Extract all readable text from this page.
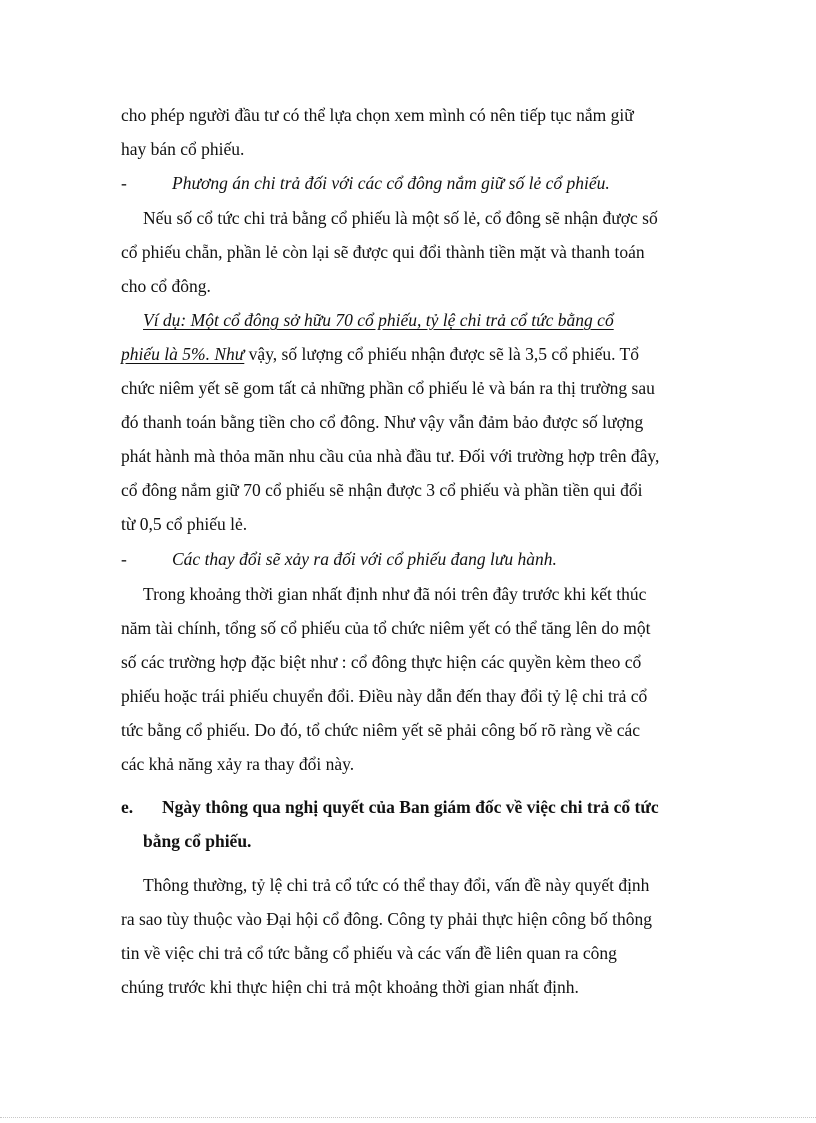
cho phép người đầu tư có thể lựa chọn xem mình có nên tiếp tục nắm giữ
hay bán cổ phiếu.
-	Phương án chi trả đối với các cổ đông nắm giữ số lẻ cổ phiếu.
Nếu số cổ tức chi trả bằng cổ phiếu là một số lẻ, cổ đông sẽ nhận được số
cổ phiếu chẵn, phần lẻ còn lại sẽ được qui đổi thành tiền mặt và thanh toán
cho cổ đông.
Ví dụ: Một cổ đông sở hữu 70 cổ phiếu, tỷ lệ chi trả cổ tức bằng cổ
phiếu là 5%. Như vậy, số lượng cổ phiếu nhận được sẽ là 3,5 cổ phiếu. Tổ
chức niêm yết sẽ gom tất cả những phần cổ phiếu lẻ và bán ra thị trường sau
đó thanh toán bằng tiền cho cổ đông. Như vậy vẫn đảm bảo được số lượng
phát hành mà thỏa mãn nhu cầu của nhà đầu tư. Đối với trường hợp trên đây,
cổ đông nắm giữ 70 cổ phiếu sẽ nhận được 3 cổ phiếu và phần tiền qui đổi
từ 0,5 cổ phiếu lẻ.
-	Các thay đổi sẽ xảy ra đối với cổ phiếu đang lưu hành.
Trong khoảng thời gian nhất định như đã nói trên đây trước khi kết thúc
năm tài chính, tổng số cổ phiếu của tổ chức niêm yết có thể tăng lên do một
số các trường hợp đặc biệt như : cổ đông thực hiện các quyền kèm theo cổ
phiếu hoặc trái phiếu chuyển đổi. Điều này dẫn đến thay đổi tỷ lệ chi trả cổ
tức bằng cổ phiếu. Do đó, tổ chức niêm yết sẽ phải công bố rõ ràng về các
các khả năng xảy ra thay đổi này.
e. Ngày thông qua nghị quyết của Ban giám đốc về việc chi trả cổ tức
bằng cổ phiếu.
Thông thường, tỷ lệ chi trả cổ tức có thể thay đổi, vấn đề này quyết định
ra sao tùy thuộc vào Đại hội cổ đông. Công ty phải thực hiện công bố thông
tin về việc chi trả cổ tức bằng cổ phiếu và các vấn đề liên quan ra công
chúng trước khi thực hiện chi trả một khoảng thời gian nhất định.
